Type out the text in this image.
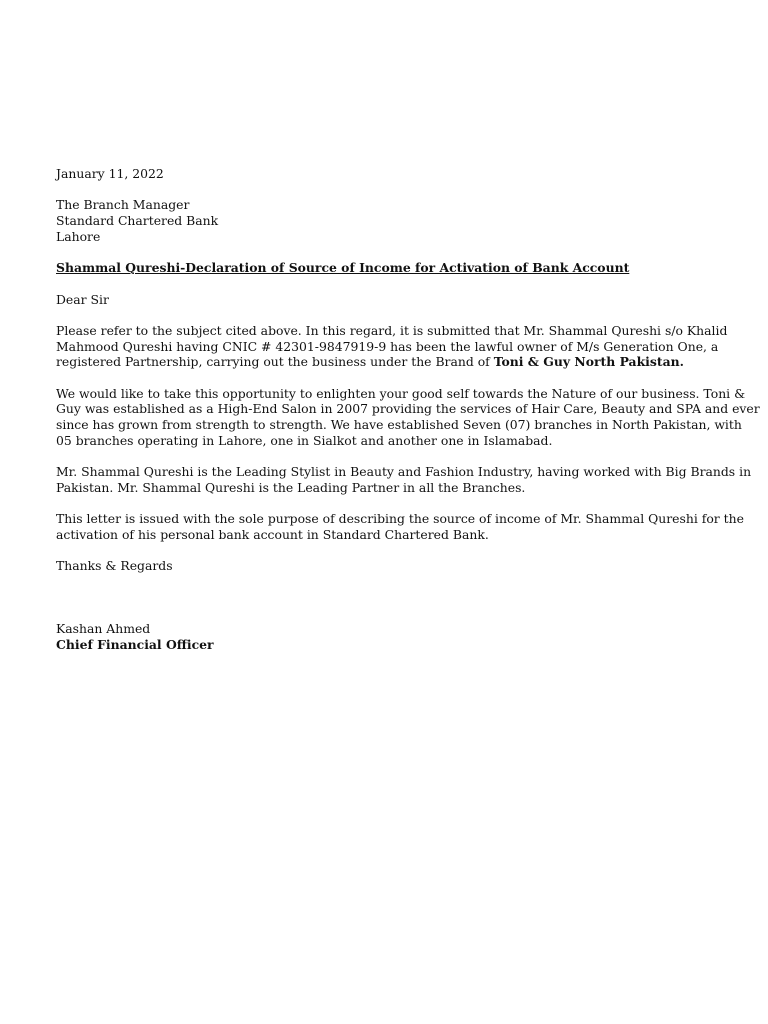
January 11, 2022
The Branch Manager
Standard Chartered Bank
Lahore
Shammal Qureshi-Declaration of Source of Income for Activation of Bank Account
Dear Sir
Please refer to the subject cited above. In this regard, it is submitted that Mr. Shammal Qureshi s/o Khalid
Mahmood Qureshi having CNIC # 42301-9847919-9 has been the lawful owner of M/s Generation One, a
registered Partnership, carrying out the business under the Brand of Toni & Guy North Pakistan.
We would like to take this opportunity to enlighten your good self towards the Nature of our business. Toni &
Guy was established as a High-End Salon in 2007 providing the services of Hair Care, Beauty and SPA and ever
since has grown from strength to strength. We have established Seven (07) branches in North Pakistan, with
05 branches operating in Lahore, one in Sialkot and another one in Islamabad.
Mr. Shammal Qureshi is the Leading Stylist in Beauty and Fashion Industry, having worked with Big Brands in
Pakistan. Mr. Shammal Qureshi is the Leading Partner in all the Branches.
This letter is issued with the sole purpose of describing the source of income of Mr. Shammal Qureshi for the
activation of his personal bank account in Standard Chartered Bank.
Thanks & Regards
Kashan Ahmed
Chief Financial Officer
